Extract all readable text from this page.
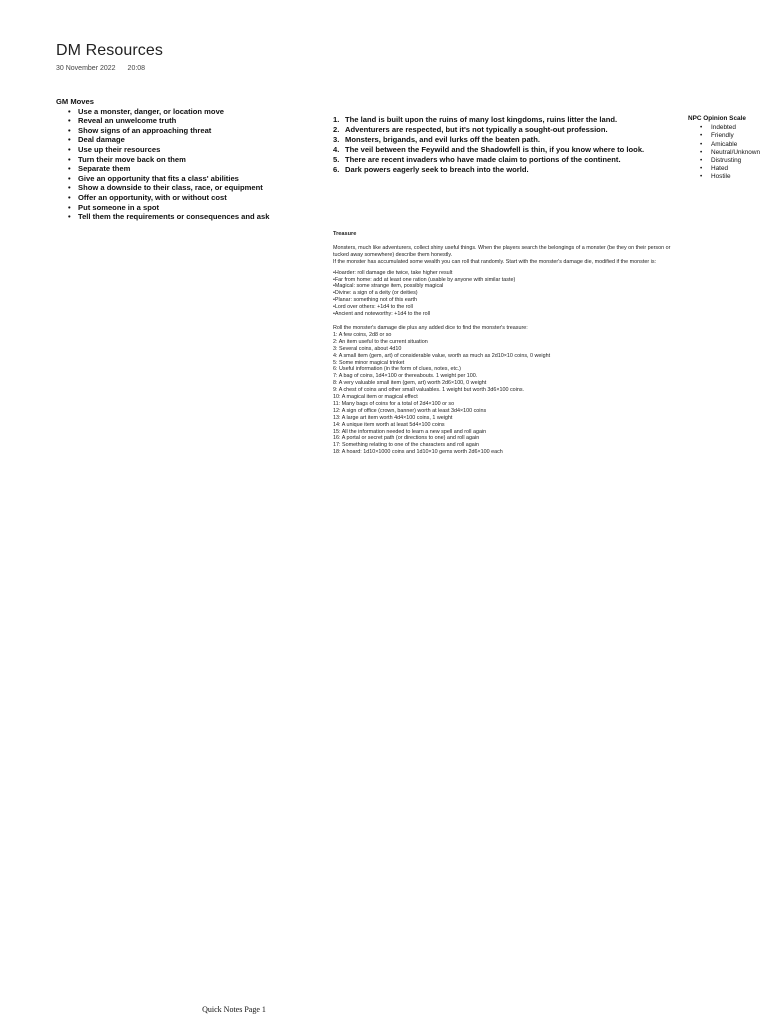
DM Resources
30 November 2022 20:08
GM Moves
• Use a monster, danger, or location move
• Reveal an unwelcome truth
• Show signs of an approaching threat
• Deal damage
• Use up their resources
• Turn their move back on them
• Separate them
• Give an opportunity that fits a class' abilities
• Show a downside to their class, race, or equipment
• Offer an opportunity, with or without cost
• Put someone in a spot
• Tell them the requirements or consequences and ask
1. The land is built upon the ruins of many lost kingdoms, ruins litter the land.
2. Adventurers are respected, but it's not typically a sought-out profession.
3. Monsters, brigands, and evil lurks off the beaten path.
4. The veil between the Feywild and the Shadowfell is thin, if you know where to look.
5. There are recent invaders who have made claim to portions of the continent.
6. Dark powers eagerly seek to breach into the world.
NPC Opinion Scale
• Indebted
• Friendly
• Amicable
• Neutral/Unknown
• Distrusting
• Hated
• Hostile

Treasure

Monsters, much like adventurers, collect shiny useful things. When the players search the belongings of a monster (be they on their person or

tucked away somewhere) describe them honestly.

If the monster has accumulated some wealth you can roll that randomly. Start with the monster's damage die, modified if the monster is:

•Hoarder: roll damage die twice, take higher result

•Far from home: add at least one ration (usable by anyone with similar taste)

•Magical: some strange item, possibly magical

•Divine: a sign of a deity (or deities)

•Planar: something not of this earth

•Lord over others: +1d4 to the roll

•Ancient and noteworthy: +1d4 to the roll

Roll the monster's damage die plus any added dice to find the monster's treasure:

1: A few coins, 2d8 or so

2: An item useful to the current situation

3: Several coins, about 4d10

4: A small item (gem, art) of considerable value, worth as much as 2d10×10 coins, 0 weight

5: Some minor magical trinket

6: Useful information (in the form of clues, notes, etc.)

7: A bag of coins, 1d4×100 or thereabouts. 1 weight per 100.

8: A very valuable small item (gem, art) worth 2d6×100, 0 weight

9: A chest of coins and other small valuables. 1 weight but worth 3d6×100 coins.

10: A magical item or magical effect

11: Many bags of coins for a total of 2d4×100 or so

12: A sign of office (crown, banner) worth at least 3d4×100 coins

13: A large art item worth 4d4×100 coins, 1 weight

14: A unique item worth at least 5d4×100 coins

15: All the information needed to learn a new spell and roll again

16: A portal or secret path (or directions to one) and roll again

17: Something relating to one of the characters and roll again

18: A hoard: 1d10×1000 coins and 1d10×10 gems worth 2d6×100 each

Quick Notes Page 1
